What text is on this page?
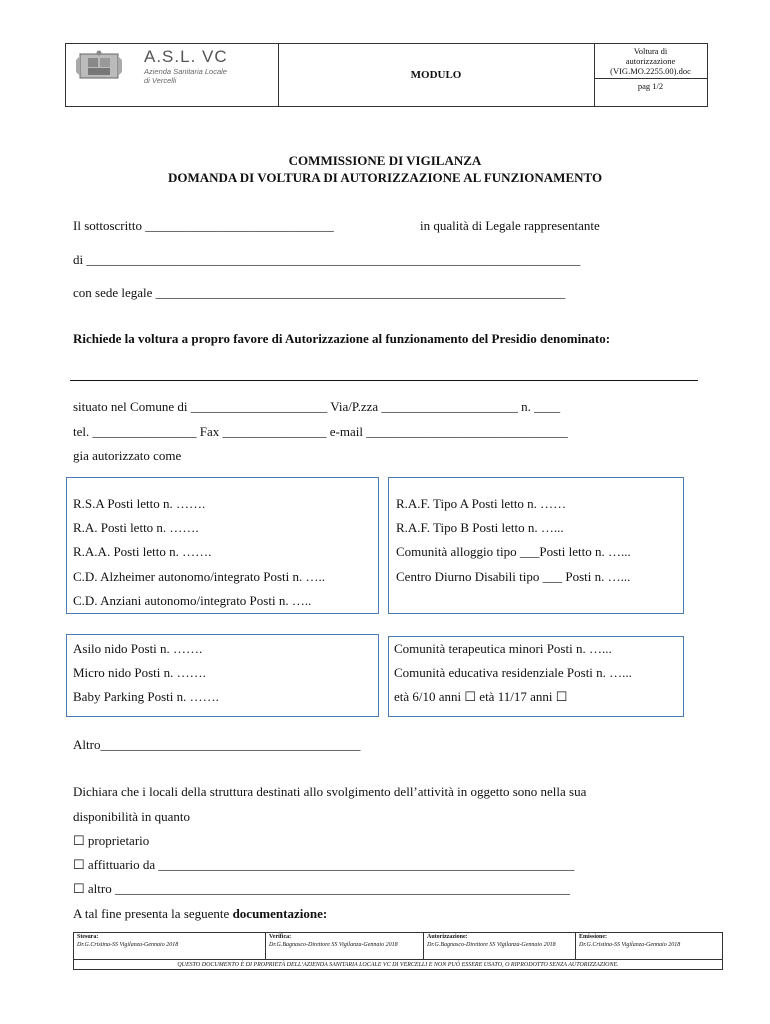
A.S.L. VC
Azienda Sanitaria Locale
di Vercelli	MODULO
Voltura di
autorizzazione
(VIG.MO.2255.00).doc
pag 1/2
COMMISSIONE DI VIGILANZA
DOMANDA DI VOLTURA DI AUTORIZZAZIONE AL FUNZIONAMENTO
Il sottoscritto _____________________________	in qualità di Legale rappresentante
di ____________________________________________________________________________
con sede legale _______________________________________________________________
Richiede la voltura a propro favore di Autorizzazione al funzionamento del Presidio denominato:
situato nel Comune di _____________________ Via/P.zza _____________________ n. ____
tel. ________________ Fax ________________ e-mail _______________________________
gia autorizzato come
R.S.A Posti letto n. …….
R.A. Posti letto n. …….
R.A.A. Posti letto n. …….
C.D. Alzheimer autonomo/integrato Posti n. …..
C.D. Anziani autonomo/integrato Posti n. …..
R.A.F. Tipo A Posti letto n. ……
R.A.F. Tipo B Posti letto n. …...
Comunità alloggio tipo ___Posti letto n. …...
Centro Diurno Disabili tipo ___ Posti n. …...
Asilo nido Posti n. …….
Micro nido Posti n. …….
Baby Parking Posti n. …….
Comunità terapeutica minori Posti n. …...
Comunità educativa residenziale Posti n. …...
età 6/10 anni ☐ età 11/17 anni ☐
Altro________________________________________
Dichiara che i locali della struttura destinati allo svolgimento dell’attività in oggetto sono nella sua
disponibilità in quanto
☐ proprietario
☐ affittuario da ________________________________________________________________
☐ altro ______________________________________________________________________
A tal fine presenta la seguente documentazione:
Stesura:
Dr.G.Cristina-SS Vigilanza-Gennaio 2018
Verifica:
Dr.G.Bagnasco-Direttore SS Vigilanza-Gennaio 2018
Autorizzazione:
Dr.G.Bagnasco-Direttore SS Vigilanza-Gennaio 2018
Emissione:
Dr.G.Cristina-SS Vigilanza-Gennaio 2018
QUESTO DOCUMENTO È DI PROPRIETÀ DELL’AZIENDA SANITARIA LOCALE VC DI VERCELLI E NON PUÒ ESSERE USATO, O RIPRODOTTO SENZA AUTORIZZAZIONE.
